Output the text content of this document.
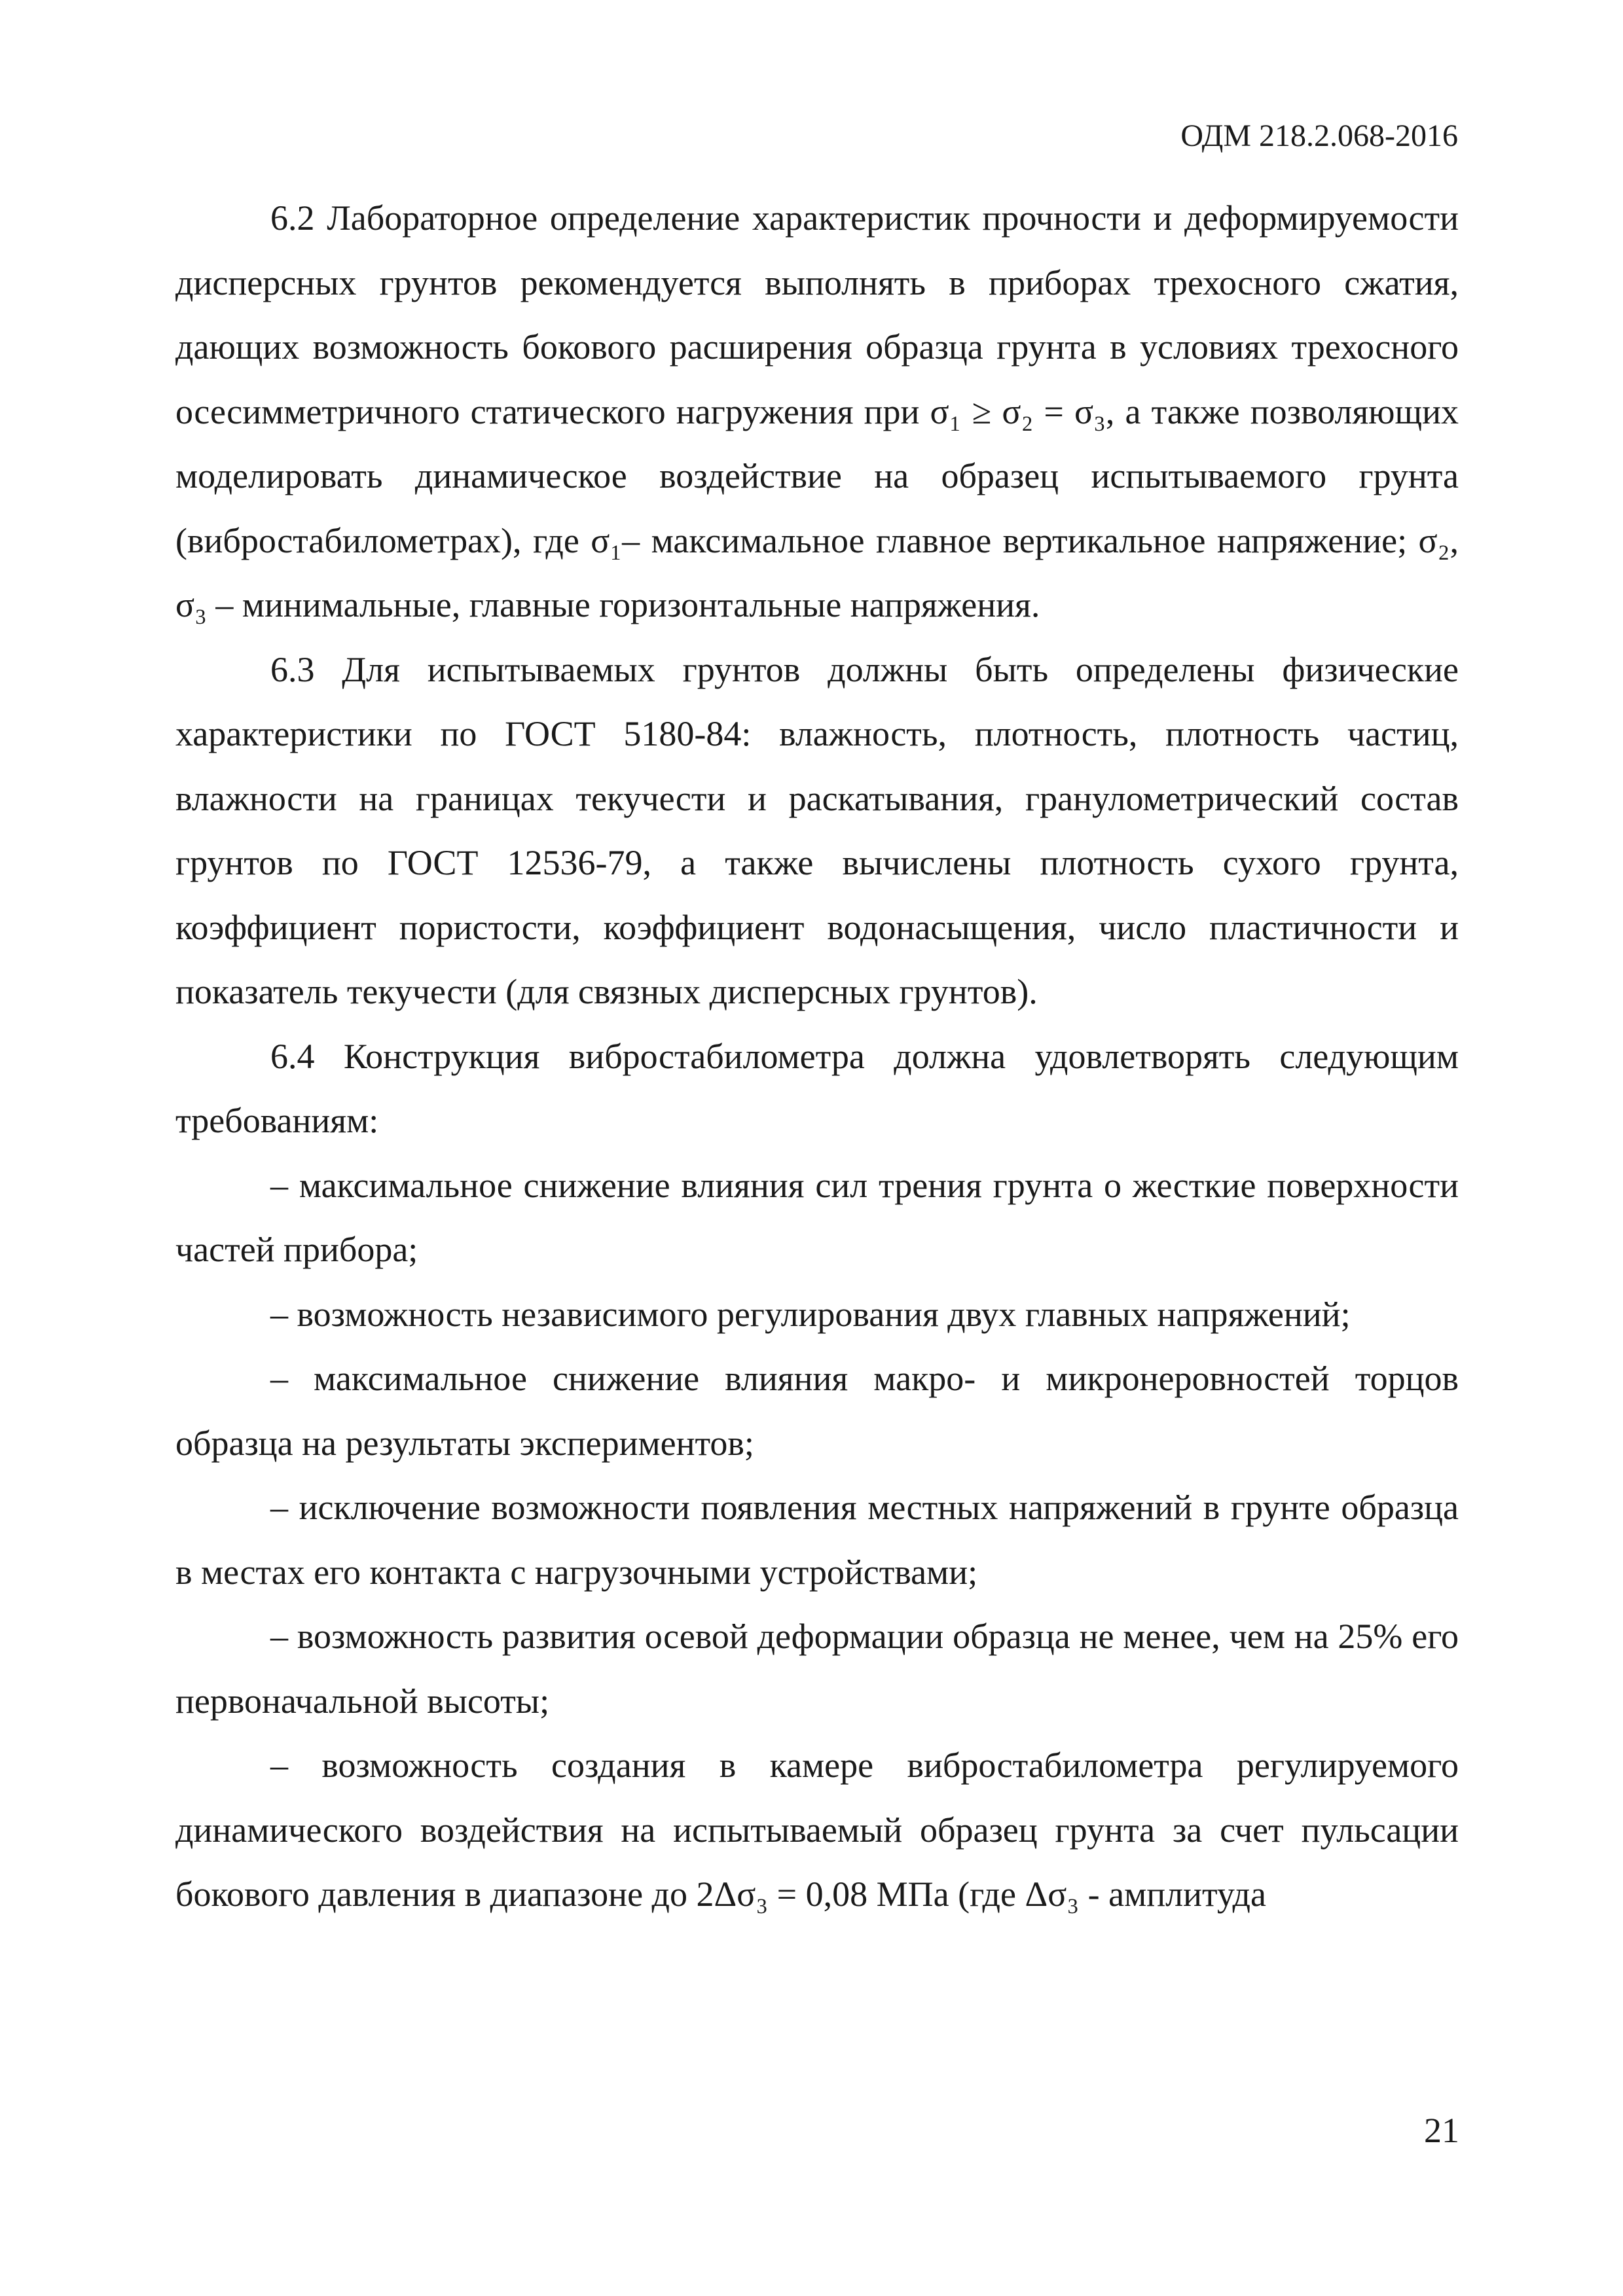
ОДМ 218.2.068-2016

6.2 Лабораторное определение характеристик прочности и деформируемости дисперсных грунтов рекомендуется выполнять в приборах трехосного сжатия, дающих возможность бокового расширения образца грунта в условиях трехосного осесимметричного статического нагружения при σ₁ ≥ σ₂ = σ₃, а также позволяющих моделировать динамическое воздействие на образец испытываемого грунта (вибростабилометрах), где σ₁– максимальное главное вертикальное напряжение; σ₂, σ₃ – минимальные, главные горизонтальные напряжения.

6.3 Для испытываемых грунтов должны быть определены физические характеристики по ГОСТ 5180-84: влажность, плотность, плотность частиц, влажности на границах текучести и раскатывания, гранулометрический состав грунтов по ГОСТ 12536-79, а также вычислены плотность сухого грунта, коэффициент пористости, коэффициент водонасыщения, число пластичности и показатель текучести (для связных дисперсных грунтов).

6.4 Конструкция вибростабилометра должна удовлетворять следующим требованиям:

– максимальное снижение влияния сил трения грунта о жесткие поверхности частей прибора;

– возможность независимого регулирования двух главных напряжений;

– максимальное снижение влияния макро- и микронеровностей торцов образца на результаты экспериментов;

– исключение возможности появления местных напряжений в грунте образца в местах его контакта с нагрузочными устройствами;

– возможность развития осевой деформации образца не менее, чем на 25% его первоначальной высоты;

– возможность создания в камере вибростабилометра регулируемого динамического воздействия на испытываемый образец грунта за счет пульсации бокового давления в диапазоне до 2Δσ₃ = 0,08 МПа (где Δσ₃ - амплитуда

21
